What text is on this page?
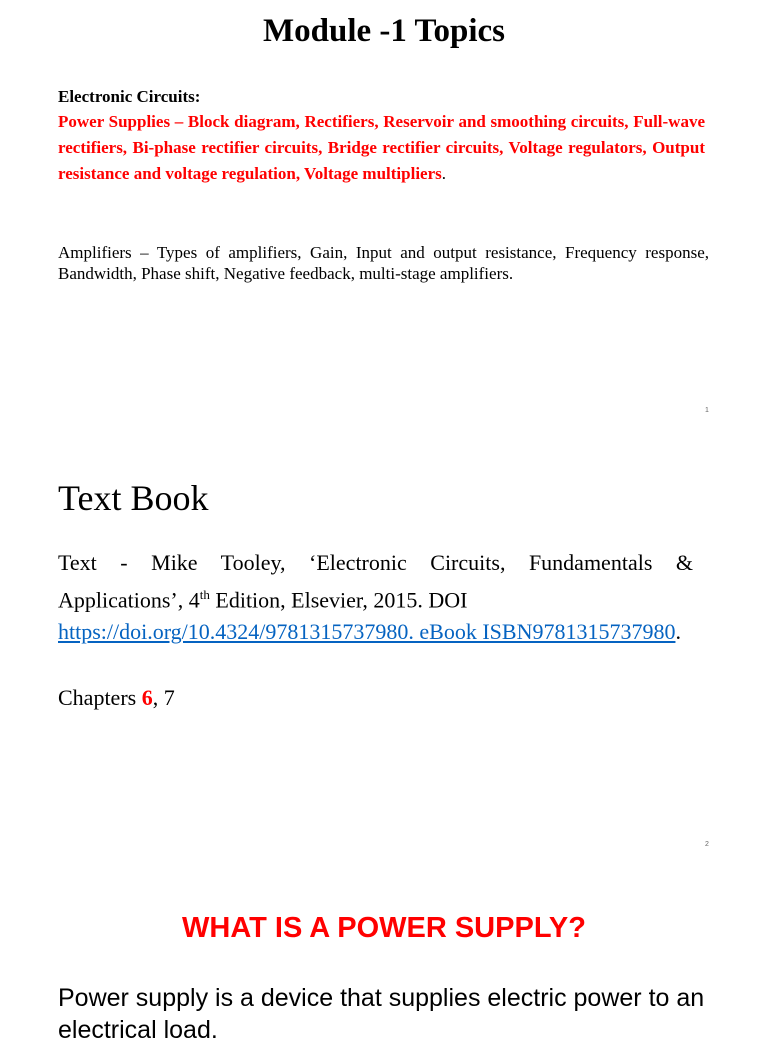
Module -1 Topics
Electronic Circuits:
Power Supplies – Block diagram, Rectifiers, Reservoir and smoothing circuits, Full-wave rectifiers, Bi-phase rectifier circuits, Bridge rectifier circuits, Voltage regulators, Output resistance and voltage regulation, Voltage multipliers.
Amplifiers – Types of amplifiers, Gain, Input and output resistance, Frequency response, Bandwidth, Phase shift, Negative feedback, multi-stage amplifiers.
1
Text Book
Text - Mike Tooley, ‘Electronic Circuits, Fundamentals & Applications’, 4th Edition, Elsevier, 2015. DOI
https://doi.org/10.4324/9781315737980. eBook ISBN9781315737980.
Chapters 6, 7
2
WHAT IS A POWER SUPPLY?
Power supply is a device that supplies electric power to an electrical load.
